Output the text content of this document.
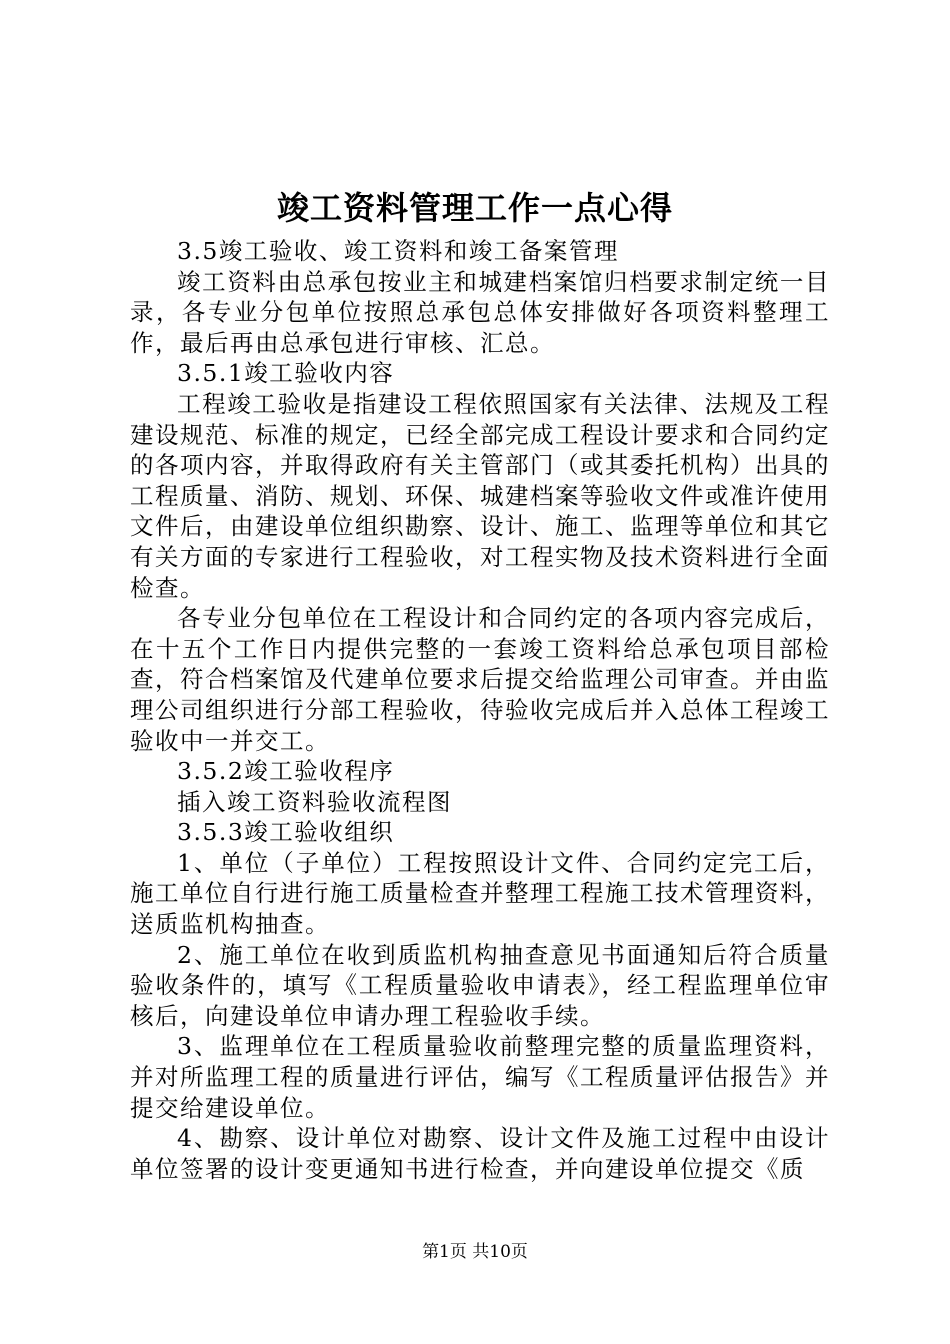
竣工资料管理工作一点心得

3.5竣工验收、竣工资料和竣工备案管理

竣工资料由总承包按业主和城建档案馆归档要求制定统一目录，各专业分包单位按照总承包总体安排做好各项资料整理工作，最后再由总承包进行审核、汇总。

3.5.1竣工验收内容

工程竣工验收是指建设工程依照国家有关法律、法规及工程建设规范、标准的规定，已经全部完成工程设计要求和合同约定的各项内容，并取得政府有关主管部门（或其委托机构）出具的工程质量、消防、规划、环保、城建档案等验收文件或准许使用文件后，由建设单位组织勘察、设计、施工、监理等单位和其它有关方面的专家进行工程验收，对工程实物及技术资料进行全面检查。

各专业分包单位在工程设计和合同约定的各项内容完成后，在十五个工作日内提供完整的一套竣工资料给总承包项目部检查，符合档案馆及代建单位要求后提交给监理公司审查。并由监理公司组织进行分部工程验收，待验收完成后并入总体工程竣工验收中一并交工。

3.5.2竣工验收程序

插入竣工资料验收流程图

3.5.3竣工验收组织

1、单位（子单位）工程按照设计文件、合同约定完工后，施工单位自行进行施工质量检查并整理工程施工技术管理资料，送质监机构抽查。

2、施工单位在收到质监机构抽查意见书面通知后符合质量验收条件的，填写《工程质量验收申请表》，经工程监理单位审核后，向建设单位申请办理工程验收手续。

3、监理单位在工程质量验收前整理完整的质量监理资料，并对所监理工程的质量进行评估，编写《工程质量评估报告》并提交给建设单位。

4、勘察、设计单位对勘察、设计文件及施工过程中由设计单位签署的设计变更通知书进行检查，并向建设单位提交《质

第1页 共10页
